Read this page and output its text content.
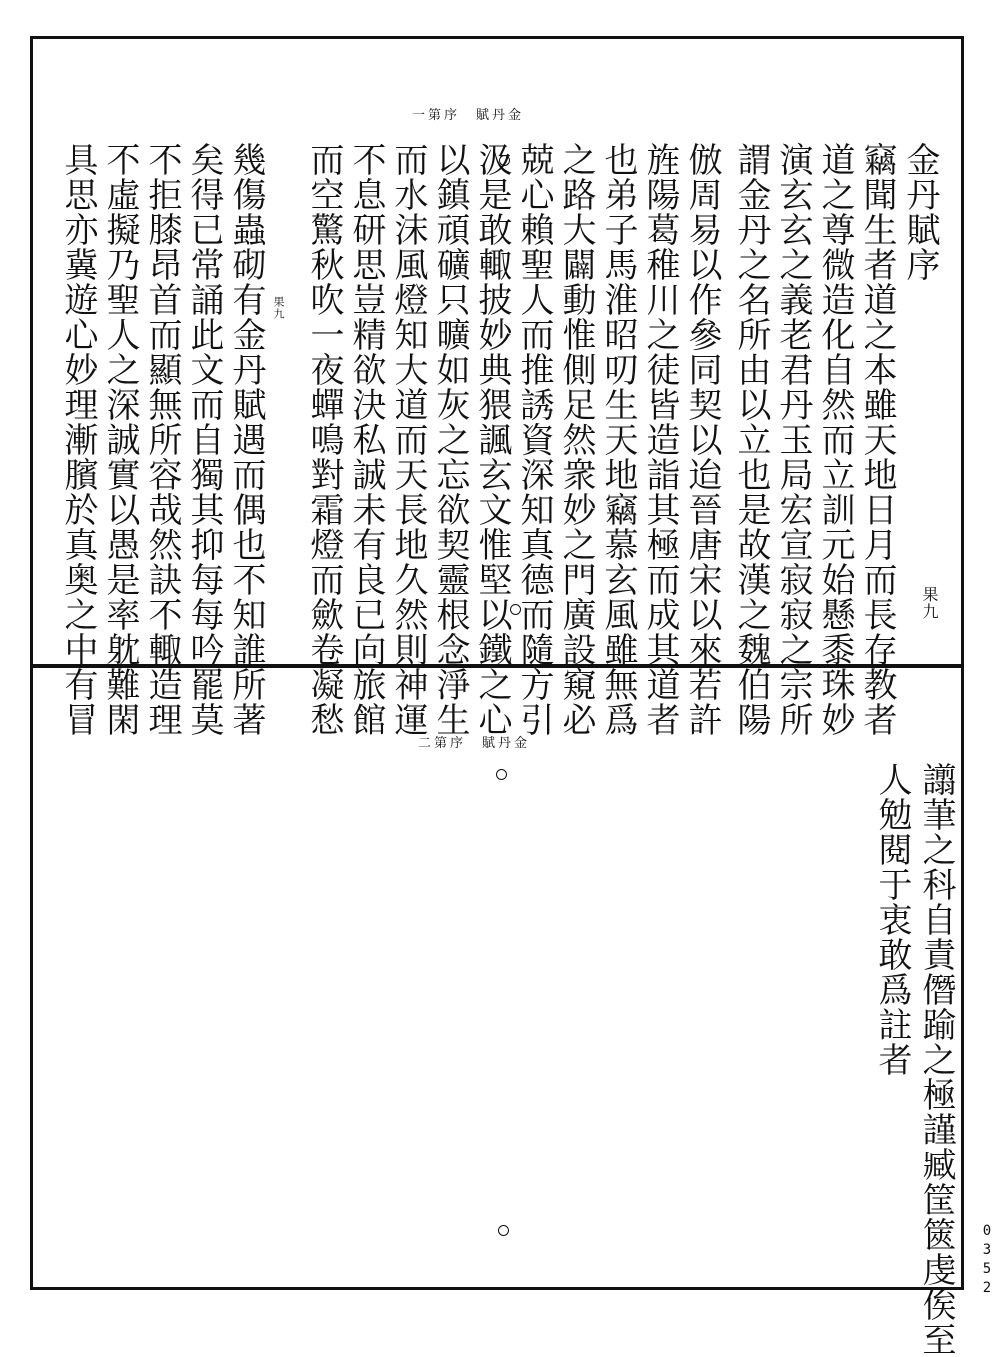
一第序　賦丹金
金丹賦序
竊聞生者道之本雖天地日月而長存教者
道之尊微造化自然而立訓元始懸黍珠妙
演玄玄之義老君丹玉局宏宣寂寂之宗所
謂金丹之名所由以立也是故漢之魏伯陽
倣周易以作參同契以迨晉唐宋以來若許
旌陽葛稚川之徒皆造詣其極而成其道者
也弟子馬淮昭叨生天地竊慕玄風雖無爲
之路大闢動惟側足然衆妙之門廣設窺必
兢心賴聖人而推誘資深知真德而隨方引
汲是敢輙披妙典猥諷玄文惟堅以鐵之心
以鎮頑礦只曠如灰之忘欲契靈根念淨生
而水沫風燈知大道而天長地久然則神運
不息研思豈精欲決私誠未有良已向旅館
而空驚秋吹一夜蟬鳴對霜燈而歛卷凝愁
幾傷蟲砌有金丹賦遇而偶也不知誰所著
矣得已常誦此文而自獨其抑每每吟罷莫
不拒膝昂首而顯無所容哉然訣不輙造理
不虛擬乃聖人之深誠實以愚是率躭難閑
具思亦冀遊心妙理漸臏於真奥之中有冒	果九
果九
二第序　賦丹金
譾茟之科自責僭踰之極謹臧筐篋虔俟至
人勉閱于衷敢爲註者
0352
